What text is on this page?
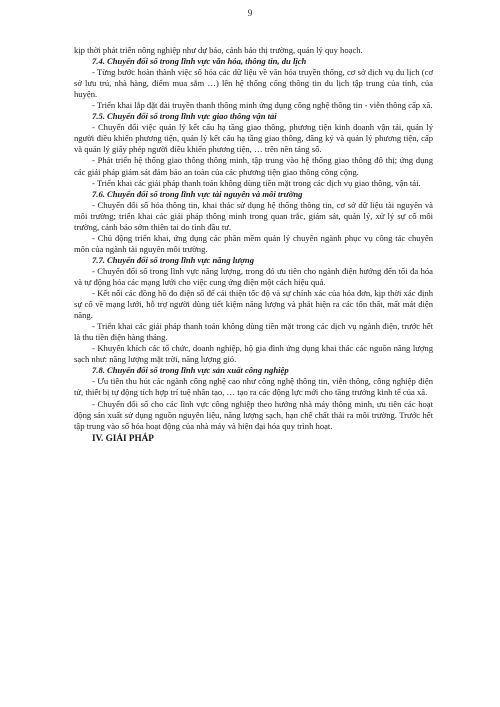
9

kịp thời phát triển nông nghiệp như dự báo, cảnh báo thị trường, quản lý quy hoạch.

7.4. Chuyển đổi số trong lĩnh vực văn hóa, thông tin, du lịch

- Từng bước hoàn thành việc số hóa các dữ liệu về văn hóa truyền thống, cơ sở dịch vụ du lịch (cơ sở lưu trú, nhà hàng, điểm mua sắm …) lên hệ thống cổng thông tin du lịch tập trung của tỉnh, của huyện.

- Triển khai lắp đặt đài truyền thanh thông minh ứng dụng công nghệ thông tin - viễn thông cấp xã.

7.5. Chuyển đổi số trong lĩnh vực giao thông vận tải

- Chuyển đổi việc quản lý kết cấu hạ tầng giao thông, phương tiện kinh doanh vận tải, quản lý người điều khiển phương tiện, quản lý kết cấu hạ tầng giao thông, đăng ký và quản lý phương tiện, cấp và quản lý giấy phép người điều khiển phương tiện, … trên nền tảng số.

- Phát triển hệ thống giao thông thông minh, tập trung vào hệ thống giao thông đô thị; ứng dụng các giải pháp giám sát đảm bảo an toàn của các phương tiện giao thông công cộng.

- Triển khai các giải pháp thanh toán không dùng tiền mặt trong các dịch vụ giao thông, vận tải.

7.6. Chuyển đổi số trong lĩnh vực tài nguyên và môi trường

- Chuyển đổi số hóa thông tin, khai thác sử dụng hệ thống thông tin, cơ sở dữ liệu tài nguyên và môi trường; triển khai các giải pháp thông minh trong quan trắc, giám sát, quản lý, xử lý sự cố môi trường, cảnh báo sớm thiên tai do tình đầu tư.

- Chủ động triển khai, ứng dụng các phần mềm quản lý chuyên ngành phục vụ công tác chuyên môn của ngành tài nguyên môi trường.

7.7. Chuyển đổi số trong lĩnh vực năng lượng

- Chuyển đổi số trong lĩnh vực năng lượng, trong đó ưu tiên cho ngành điện hướng đến tối đa hóa và tự động hóa các mạng lưới cho việc cung ứng điện một cách hiệu quả.

- Kết nối các đồng hồ đo điện số để cải thiện tốc độ và sự chính xác của hóa đơn, kịp thời xác định sự cố về mạng lưới, hỗ trợ người dùng tiết kiệm năng lượng và phát hiện ra các tổn thất, mất mát điện năng.

- Triển khai các giải pháp thanh toán không dùng tiền mặt trong các dịch vụ ngành điện, trước hết là thu tiền điện hàng tháng.

- Khuyến khích các tổ chức, doanh nghiệp, hộ gia đình ứng dụng khai thác các nguồn năng lượng sạch như: năng lượng mặt trời, năng lượng gió.

7.8. Chuyển đổi số trong lĩnh vực sản xuất công nghiệp

- Ưu tiên thu hút các ngành công nghệ cao như công nghệ thông tin, viễn thông, công nghiệp điện tử, thiết bị tự động tích hợp trí tuệ nhân tạo, … tạo ra các động lực mới cho tăng trưởng kinh tế của xã.

- Chuyển đổi số cho các lĩnh vực công nghiệp theo hướng nhà máy thông minh, ưu tiên các hoạt động sản xuất sử dụng nguồn nguyên liệu, năng lượng sạch, hạn chế chất thải ra môi trường. Trước hết tập trung vào số hóa hoạt động của nhà máy và hiện đại hóa quy trình hoạt.

IV. GIẢI PHÁP
